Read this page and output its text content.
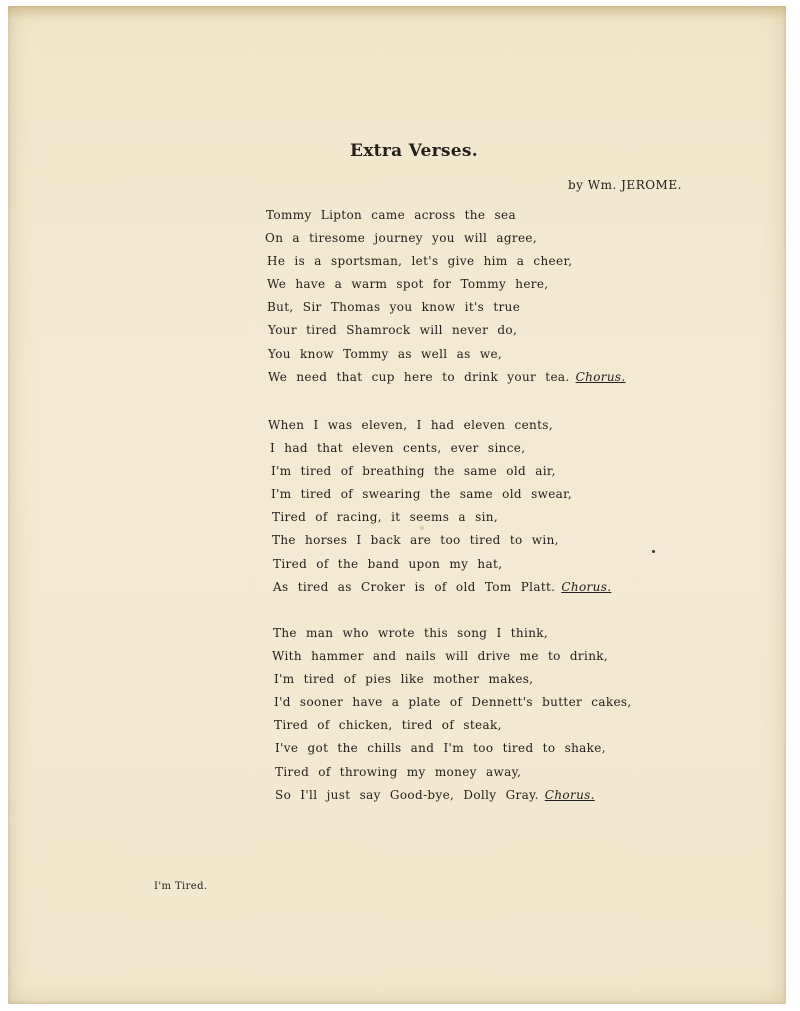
Extra Verses.
by Wm. JEROME.
Tommy Lipton came across the sea
On a tiresome journey you will agree,
He is a sportsman, let's give him a cheer,
We have a warm spot for Tommy here,
But, Sir Thomas you know it's true
Your tired Shamrock will never do,
You know Tommy as well as we,
We need that cup here to drink your tea. Chorus.
When I was eleven, I had eleven cents,
I had that eleven cents, ever since,
I'm tired of breathing the same old air,
I'm tired of swearing the same old swear,
Tired of racing, it seems a sin,
The horses I back are too tired to win,
Tired of the band upon my hat,
As tired as Croker is of old Tom Platt. Chorus.
The man who wrote this song I think,
With hammer and nails will drive me to drink,
I'm tired of pies like mother makes,
I'd sooner have a plate of Dennett's butter cakes,
Tired of chicken, tired of steak,
I've got the chills and I'm too tired to shake,
Tired of throwing my money away,
So I'll just say Good-bye, Dolly Gray. Chorus.
I'm Tired.
